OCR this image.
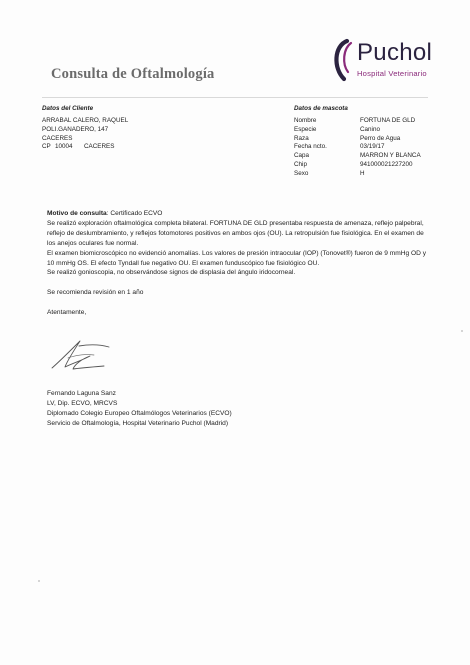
Consulta de Oftalmología
Puchol
Hospital Veterinario
Datos del Cliente
ARRABAL CALERO, RAQUEL
POLI.GANADERO, 147
CACERES
CP 10004 CACERES
Datos de mascota
Nombre	FORTUNA DE GLD
Especie	Canino
Raza	Perro de Agua
Fecha ncto.	03/19/17
Capa	MARRON Y BLANCA
Chip	941000021227200
Sexo	H

Motivo de consulta: Certificado ECVO

Se realizó exploración oftalmológica completa bilateral. FORTUNA DE GLD presentaba respuesta de amenaza, reflejo palpebral, reflejo de deslumbramiento, y reflejos fotomotores positivos en ambos ojos (OU). La retropulsión fue fisiológica. En el examen de los anejos oculares fue normal.

El examen biomicroscópico no evidenció anomalías. Los valores de presión intraocular (IOP) (Tonovet®) fueron de 9 mmHg OD y 10 mmHg OS. El efecto Tyndall fue negativo OU. El examen funduscópico fue fisiológico OU.

Se realizó gonioscopia, no observándose signos de displasia del ángulo iridocorneal.

Se recomienda revisión en 1 año

Atentamente,

Fernando Laguna Sanz
LV, Dip. ECVO, MRCVS
Diplomado Colegio Europeo Oftalmólogos Veterinarios (ECVO)
Servicio de Oftalmología, Hospital Veterinario Puchol (Madrid)
